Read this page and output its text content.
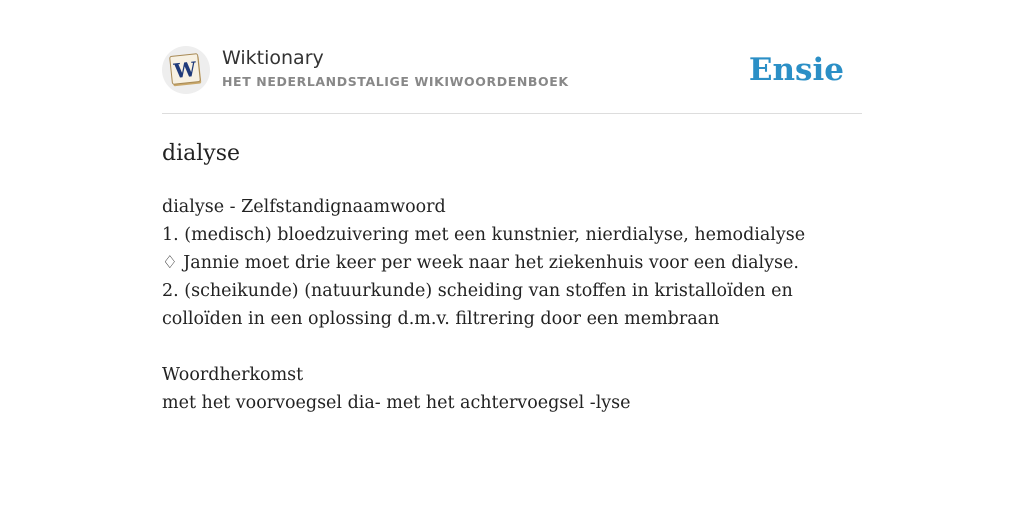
W Wiktionary
HET NEDERLANDSTALIGE WIKIWOORDENBOEK	Ensie
dialyse

dialyse - Zelfstandignaamwoord

1. (medisch) bloedzuivering met een kunstnier, nierdialyse, hemodialyse

♢ Jannie moet drie keer per week naar het ziekenhuis voor een dialyse.

2. (scheikunde) (natuurkunde) scheiding van stoffen in kristalloïden en colloïden in een oplossing d.m.v. filtrering door een membraan

Woordherkomst

met het voorvoegsel dia- met het achtervoegsel -lyse
